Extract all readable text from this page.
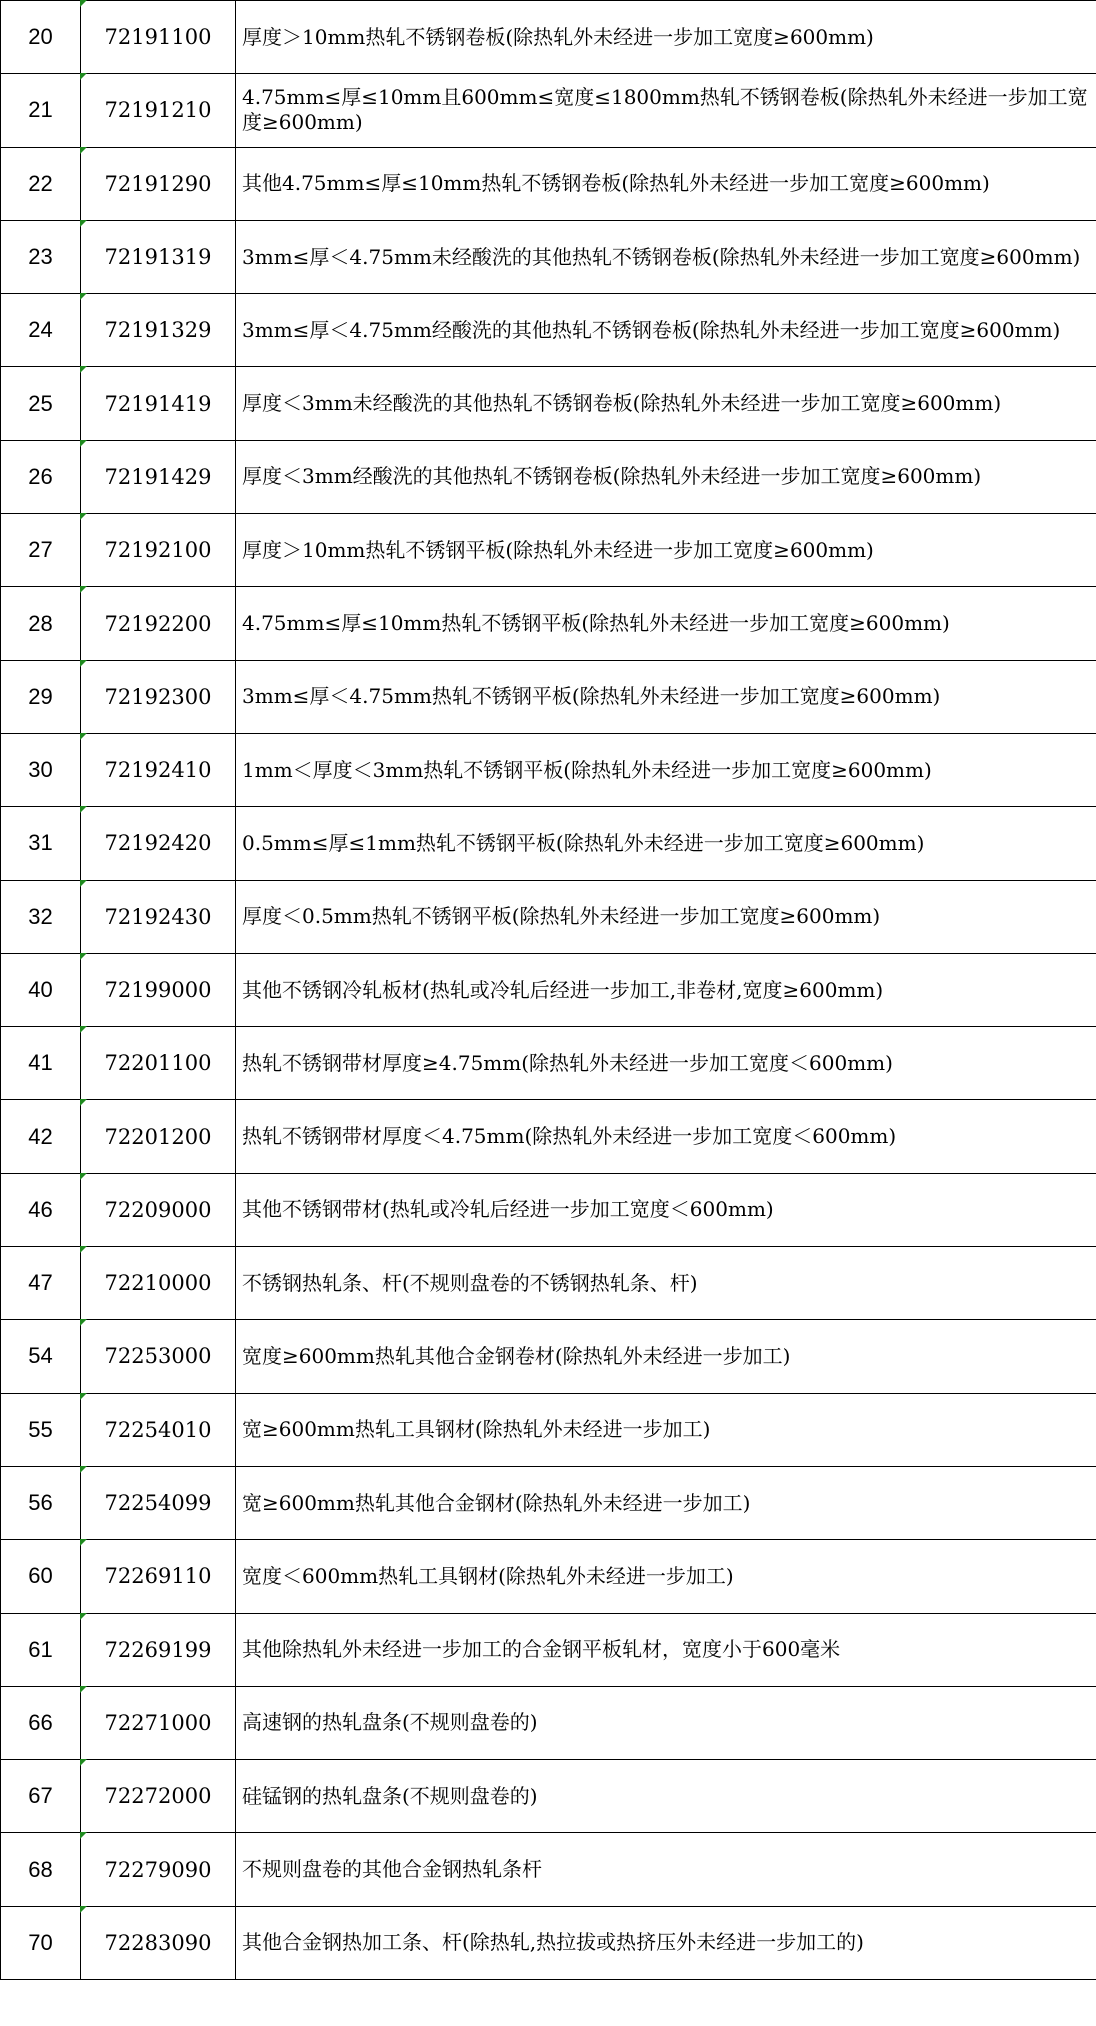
20	72191100	厚度＞10mm热轧不锈钢卷板(除热轧外未经进一步加工宽度≥600mm)
21	72191210	4.75mm≤厚≤10mm且600mm≤宽度≤1800mm热轧不锈钢卷板(除热轧外未经进一步加工宽度≥600mm)
22	72191290	其他4.75mm≤厚≤10mm热轧不锈钢卷板(除热轧外未经进一步加工宽度≥600mm)
23	72191319	3mm≤厚＜4.75mm未经酸洗的其他热轧不锈钢卷板(除热轧外未经进一步加工宽度≥600mm)
24	72191329	3mm≤厚＜4.75mm经酸洗的其他热轧不锈钢卷板(除热轧外未经进一步加工宽度≥600mm)
25	72191419	厚度＜3mm未经酸洗的其他热轧不锈钢卷板(除热轧外未经进一步加工宽度≥600mm)
26	72191429	厚度＜3mm经酸洗的其他热轧不锈钢卷板(除热轧外未经进一步加工宽度≥600mm)
27	72192100	厚度＞10mm热轧不锈钢平板(除热轧外未经进一步加工宽度≥600mm)
28	72192200	4.75mm≤厚≤10mm热轧不锈钢平板(除热轧外未经进一步加工宽度≥600mm)
29	72192300	3mm≤厚＜4.75mm热轧不锈钢平板(除热轧外未经进一步加工宽度≥600mm)
30	72192410	1mm＜厚度＜3mm热轧不锈钢平板(除热轧外未经进一步加工宽度≥600mm)
31	72192420	0.5mm≤厚≤1mm热轧不锈钢平板(除热轧外未经进一步加工宽度≥600mm)
32	72192430	厚度＜0.5mm热轧不锈钢平板(除热轧外未经进一步加工宽度≥600mm)
40	72199000	其他不锈钢冷轧板材(热轧或冷轧后经进一步加工,非卷材,宽度≥600mm)
41	72201100	热轧不锈钢带材厚度≥4.75mm(除热轧外未经进一步加工宽度＜600mm)
42	72201200	热轧不锈钢带材厚度＜4.75mm(除热轧外未经进一步加工宽度＜600mm)
46	72209000	其他不锈钢带材(热轧或冷轧后经进一步加工宽度＜600mm)
47	72210000	不锈钢热轧条、杆(不规则盘卷的不锈钢热轧条、杆)
54	72253000	宽度≥600mm热轧其他合金钢卷材(除热轧外未经进一步加工)
55	72254010	宽≥600mm热轧工具钢材(除热轧外未经进一步加工)
56	72254099	宽≥600mm热轧其他合金钢材(除热轧外未经进一步加工)
60	72269110	宽度＜600mm热轧工具钢材(除热轧外未经进一步加工)
61	72269199	其他除热轧外未经进一步加工的合金钢平板轧材，宽度小于600毫米
66	72271000	高速钢的热轧盘条(不规则盘卷的)
67	72272000	硅锰钢的热轧盘条(不规则盘卷的)
68	72279090	不规则盘卷的其他合金钢热轧条杆
70	72283090	其他合金钢热加工条、杆(除热轧,热拉拔或热挤压外未经进一步加工的)
